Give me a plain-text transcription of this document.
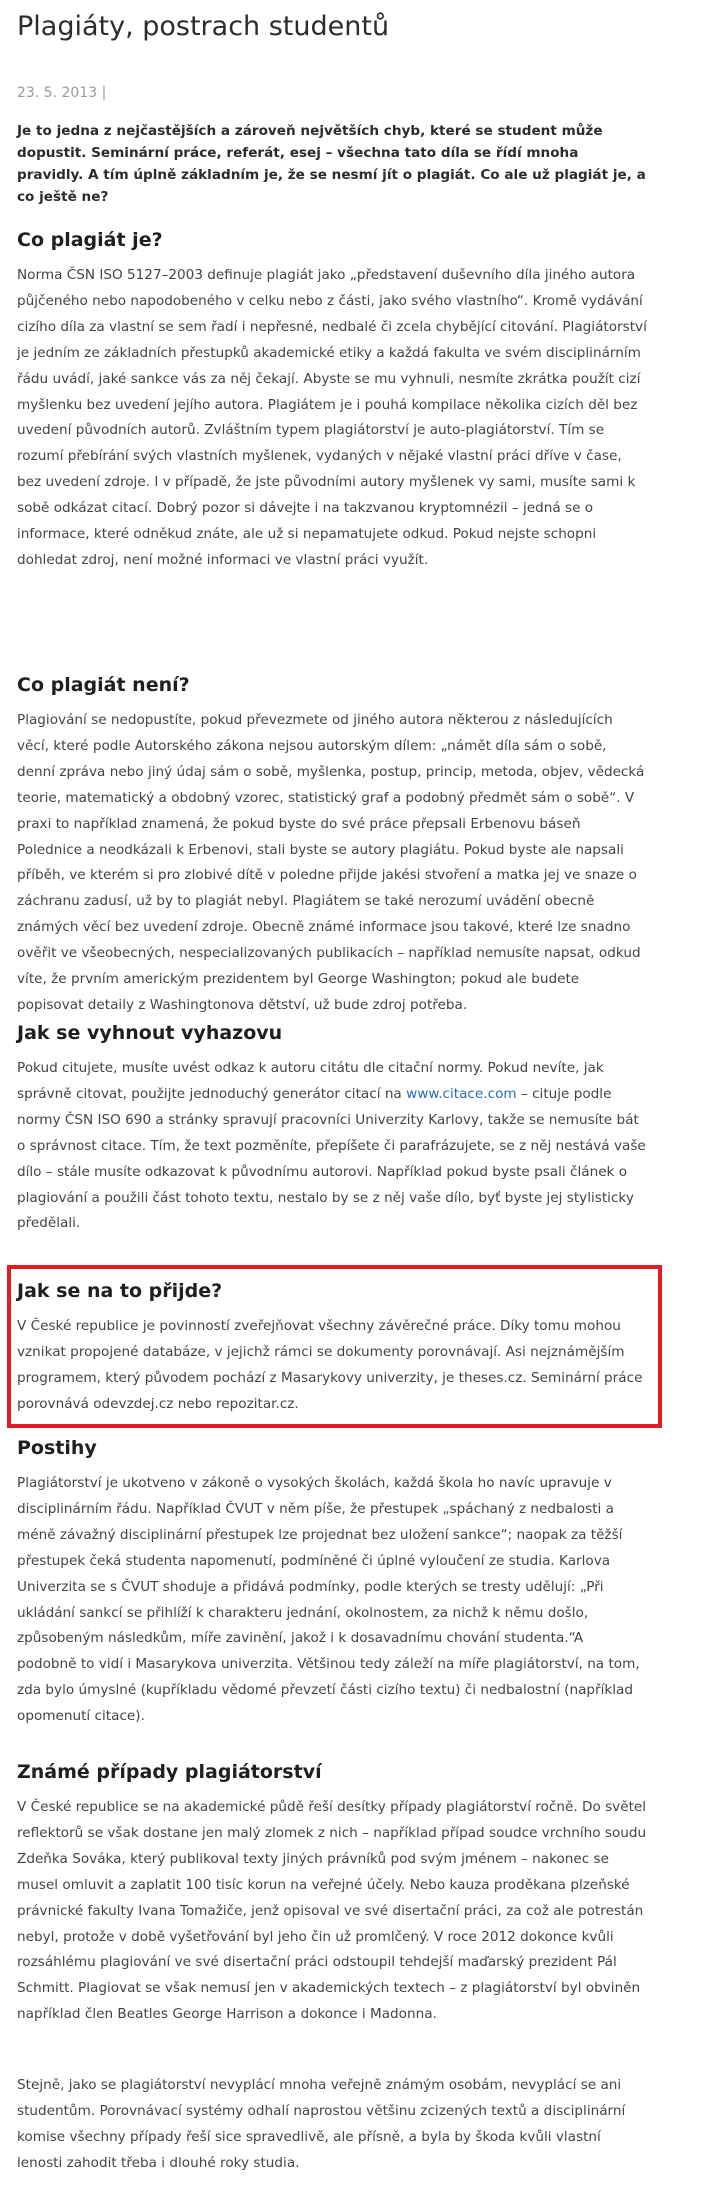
Plagiáty, postrach studentů
23. 5. 2013 |

Je to jedna z nejčastějších a zároveň největších chyb, které se student může dopustit. Seminární práce, referát, esej – všechna tato díla se řídí mnoha pravidly. A tím úplně základním je, že se nesmí jít o plagiát. Co ale už plagiát je, a co ještě ne?

Co plagiát je?

Norma ČSN ISO 5127–2003 definuje plagiát jako „představení duševního díla jiného autora půjčeného nebo napodobeného v celku nebo z části, jako svého vlastního“. Kromě vydávání cizího díla za vlastní se sem řadí i nepřesné, nedbalé či zcela chybějící citování. Plagiátorství je jedním ze základních přestupků akademické etiky a každá fakulta ve svém disciplinárním řádu uvádí, jaké sankce vás za něj čekají. Abyste se mu vyhnuli, nesmíte zkrátka použít cizí myšlenku bez uvedení jejího autora. Plagiátem je i pouhá kompilace několika cizích děl bez uvedení původních autorů. Zvláštním typem plagiátorství je auto-plagiátorství. Tím se rozumí přebírání svých vlastních myšlenek, vydaných v nějaké vlastní práci dříve v čase, bez uvedení zdroje. I v případě, že jste původními autory myšlenek vy sami, musíte sami k sobě odkázat citací. Dobrý pozor si dávejte i na takzvanou kryptomnézii – jedná se o informace, které odněkud znáte, ale už si nepamatujete odkud. Pokud nejste schopni dohledat zdroj, není možné informaci ve vlastní práci využít.

Co plagiát není?

Plagiování se nedopustíte, pokud převezmete od jiného autora některou z následujících věcí, které podle Autorského zákona nejsou autorským dílem: „námět díla sám o sobě, denní zpráva nebo jiný údaj sám o sobě, myšlenka, postup, princip, metoda, objev, vědecká teorie, matematický a obdobný vzorec, statistický graf a podobný předmět sám o sobě“. V praxi to například znamená, že pokud byste do své práce přepsali Erbenovu báseň Polednice a neodkázali k Erbenovi, stali byste se autory plagiátu. Pokud byste ale napsali příběh, ve kterém si pro zlobivé dítě v poledne přijde jakési stvoření a matka jej ve snaze o záchranu zadusí, už by to plagiát nebyl. Plagiátem se také nerozumí uvádění obecně známých věcí bez uvedení zdroje. Obecně známé informace jsou takové, které lze snadno ověřit ve všeobecných, nespecializovaných publikacích – například nemusíte napsat, odkud víte, že prvním americkým prezidentem byl George Washington; pokud ale budete popisovat detaily z Washingtonova dětství, už bude zdroj potřeba.

Jak se vyhnout vyhazovu

Pokud citujete, musíte uvést odkaz k autoru citátu dle citační normy. Pokud nevíte, jak správně citovat, použijte jednoduchý generátor citací na www.citace.com – cituje podle normy ČSN ISO 690 a stránky spravují pracovníci Univerzity Karlovy, takže se nemusíte bát o správnost citace. Tím, že text pozměníte, přepíšete či parafrázujete, se z něj nestává vaše dílo – stále musíte odkazovat k původnímu autorovi. Například pokud byste psali článek o plagiování a použili část tohoto textu, nestalo by se z něj vaše dílo, byť byste jej stylisticky předělali.

Jak se na to přijde?

V České republice je povinností zveřejňovat všechny závěrečné práce. Díky tomu mohou vznikat propojené databáze, v jejichž rámci se dokumenty porovnávají. Asi nejznámějším programem, který původem pochází z Masarykovy univerzity, je theses.cz. Seminární práce porovnává odevzdej.cz nebo repozitar.cz.

Postihy

Plagiátorství je ukotveno v zákoně o vysokých školách, každá škola ho navíc upravuje v disciplinárním řádu. Například ČVUT v něm píše, že přestupek „spáchaný z nedbalosti a méně závažný disciplinární přestupek lze projednat bez uložení sankce“; naopak za těžší přestupek čeká studenta napomenutí, podmíněné či úplné vyloučení ze studia. Karlova Univerzita se s ČVUT shoduje a přidává podmínky, podle kterých se tresty udělují: „Při ukládání sankcí se přihlíží k charakteru jednání, okolnostem, za nichž k němu došlo, způsobeným následkům, míře zavinění, jakož i k dosavadnímu chování studenta.“A podobně to vidí i Masarykova univerzita. Většinou tedy záleží na míře plagiátorství, na tom, zda bylo úmyslné (kupříkladu vědomé převzetí části cizího textu) či nedbalostní (například opomenutí citace).

Známé případy plagiátorství

V České republice se na akademické půdě řeší desítky případy plagiátorství ročně. Do světel reflektorů se však dostane jen malý zlomek z nich – například případ soudce vrchního soudu Zdeňka Sováka, který publikoval texty jiných právníků pod svým jménem – nakonec se musel omluvit a zaplatit 100 tisíc korun na veřejné účely. Nebo kauza proděkana plzeňské právnické fakulty Ivana Tomažiče, jenž opisoval ve své disertační práci, za což ale potrestán nebyl, protože v době vyšetřování byl jeho čin už promlčený. V roce 2012 dokonce kvůli rozsáhlému plagiování ve své disertační práci odstoupil tehdejší maďarský prezident Pál Schmitt. Plagiovat se však nemusí jen v akademických textech – z plagiátorství byl obviněn například člen Beatles George Harrison a dokonce i Madonna.

Stejně, jako se plagiátorství nevyplácí mnoha veřejně známým osobám, nevyplácí se ani studentům. Porovnávací systémy odhalí naprostou většinu zcizených textů a disciplinární komise všechny případy řeší sice spravedlivě, ale přísně, a byla by škoda kvůli vlastní lenosti zahodit třeba i dlouhé roky studia.
